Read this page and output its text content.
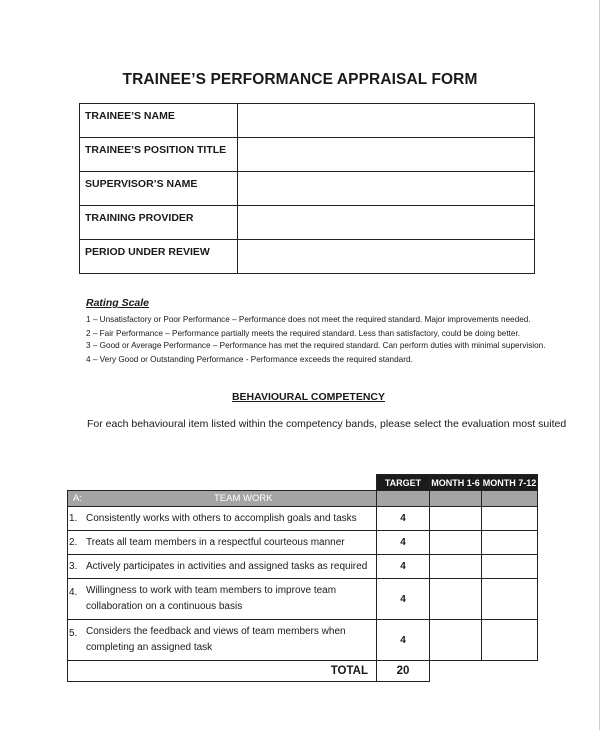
TRAINEE’S PERFORMANCE APPRAISAL FORM
TRAINEE’S NAME	
TRAINEE’S POSITION TITLE	
SUPERVISOR’S NAME	
TRAINING PROVIDER	
PERIOD UNDER REVIEW	
Rating Scale
1 – Unsatisfactory or Poor Performance – Performance does not meet the required standard. Major improvements needed.
2 – Fair Performance – Performance partially meets the required standard. Less than satisfactory, could be doing better.
3 – Good or Average Performance – Performance has met the required standard. Can perform duties with minimal supervision.
4 – Very Good or Outstanding Performance - Performance exceeds the required standard.
BEHAVIOURAL COMPETENCY
For each behavioural item listed within the competency bands, please select the evaluation most suited
	TARGET	MONTH 1-6	MONTH 7-12

A: TEAM WORK			

1. Consistently works with others to accomplish goals and tasks	4		

2. Treats all team members in a respectful courteous manner	4		

3. Actively participates in activities and assigned tasks as required	4		

4. Willingness to work with team members to improve team
collaboration on a continuous basis	4		

5. Considers the feedback and views of team members when
completing an assigned task	4		
TOTAL	20		
